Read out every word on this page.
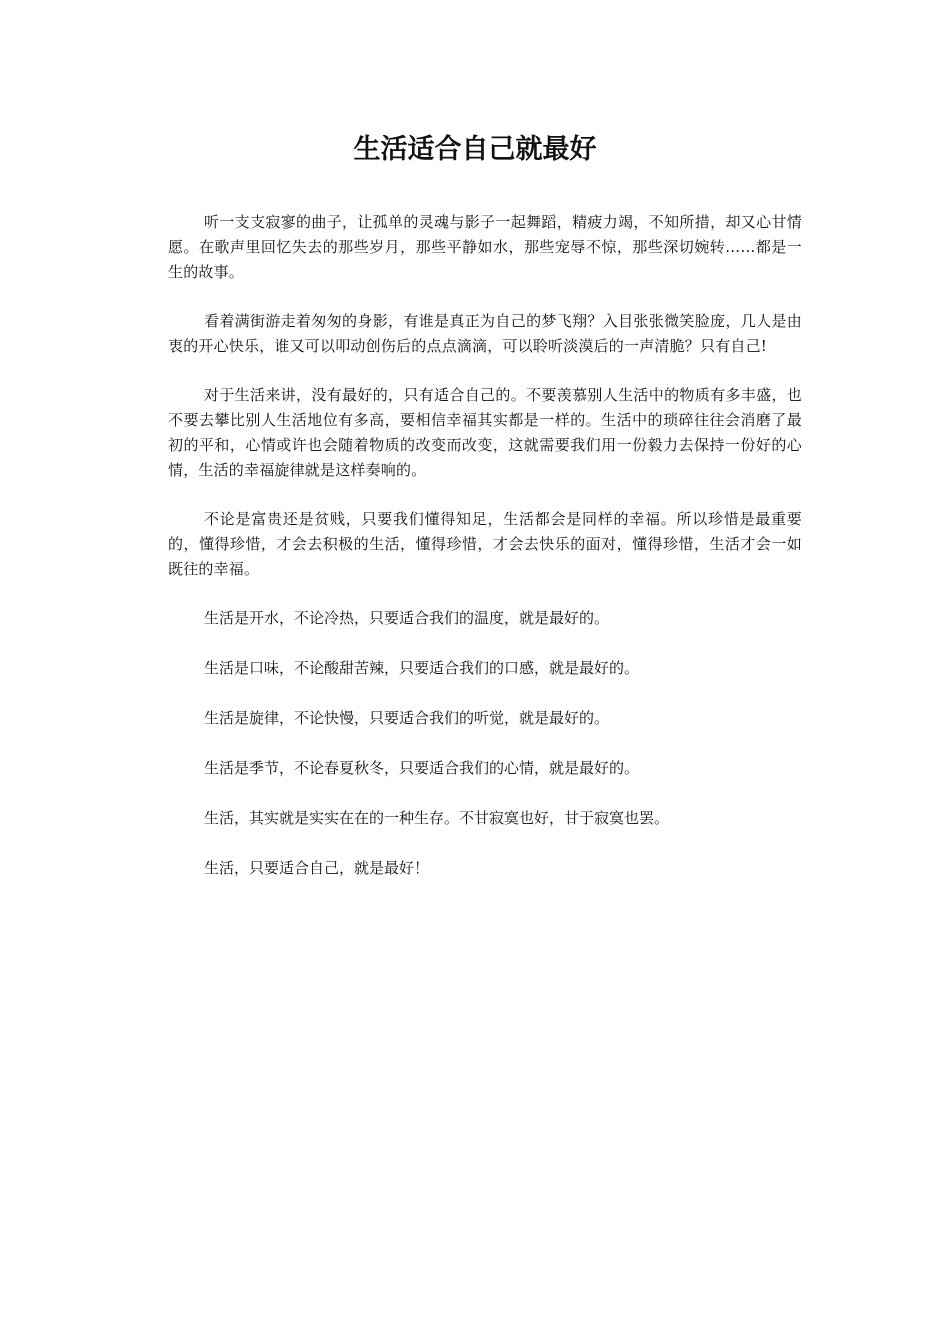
生活适合自己就最好

听一支支寂寥的曲子，让孤单的灵魂与影子一起舞蹈，精疲力竭，不知所措，却又心甘情愿。在歌声里回忆失去的那些岁月，那些平静如水，那些宠辱不惊，那些深切婉转……都是一生的故事。

看着满街游走着匆匆的身影，有谁是真正为自己的梦飞翔？入目张张微笑脸庞，几人是由衷的开心快乐，谁又可以叩动创伤后的点点滴滴，可以聆听淡漠后的一声清脆？只有自己!

对于生活来讲，没有最好的，只有适合自己的。不要羡慕别人生活中的物质有多丰盛，也不要去攀比别人生活地位有多高，要相信幸福其实都是一样的。生活中的琐碎往往会消磨了最初的平和，心情或许也会随着物质的改变而改变，这就需要我们用一份毅力去保持一份好的心情，生活的幸福旋律就是这样奏响的。

不论是富贵还是贫贱，只要我们懂得知足，生活都会是同样的幸福。所以珍惜是最重要的，懂得珍惜，才会去积极的生活，懂得珍惜，才会去快乐的面对，懂得珍惜，生活才会一如既往的幸福。

生活是开水，不论冷热，只要适合我们的温度，就是最好的。

生活是口味，不论酸甜苦辣，只要适合我们的口感，就是最好的。

生活是旋律，不论快慢，只要适合我们的听觉，就是最好的。

生活是季节，不论春夏秋冬，只要适合我们的心情，就是最好的。

生活，其实就是实实在在的一种生存。不甘寂寞也好，甘于寂寞也罢。

生活，只要适合自己，就是最好！
